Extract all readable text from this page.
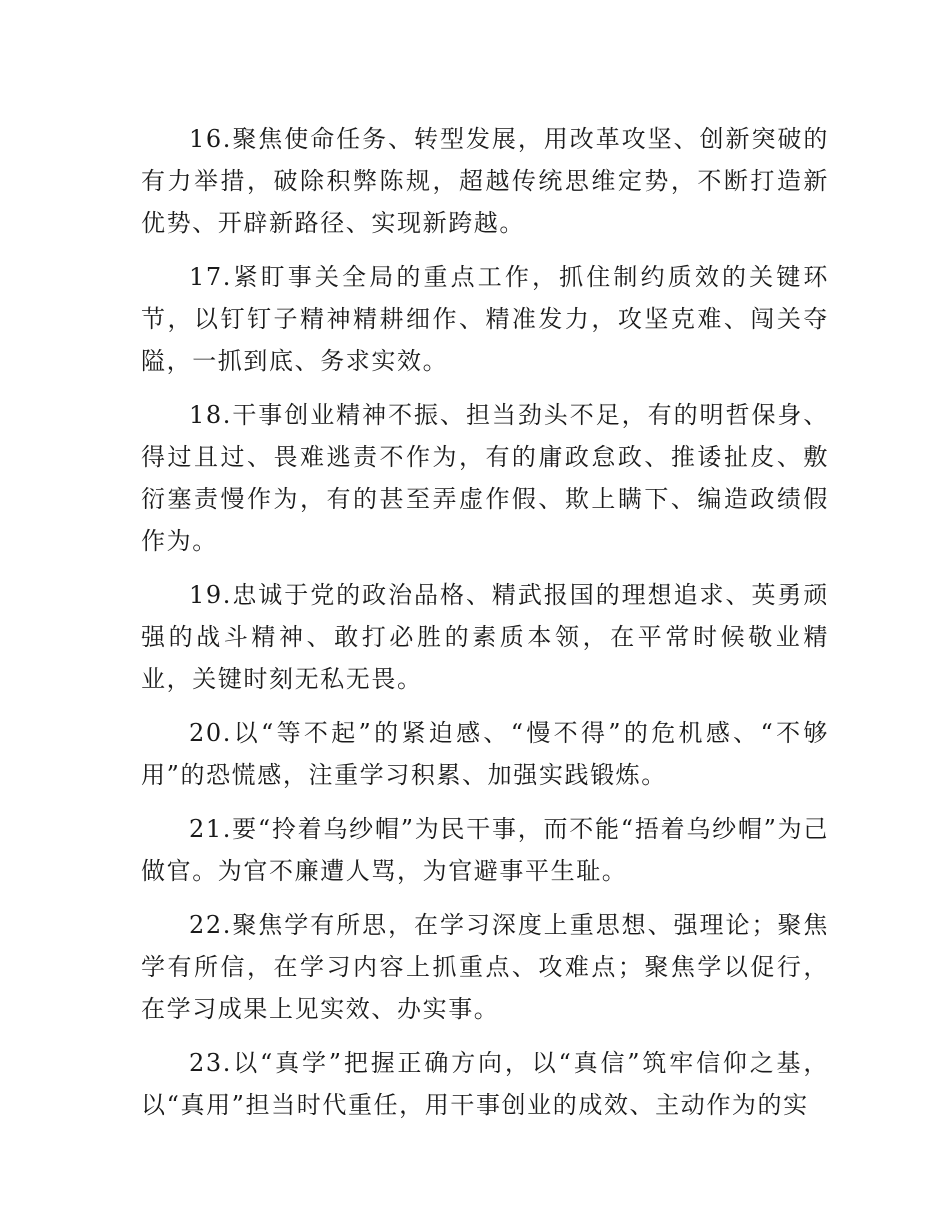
16.聚焦使命任务、转型发展，用改革攻坚、创新突破的有力举措，破除积弊陈规，超越传统思维定势，不断打造新优势、开辟新路径、实现新跨越。

17.紧盯事关全局的重点工作，抓住制约质效的关键环节，以钉钉子精神精耕细作、精准发力，攻坚克难、闯关夺隘，一抓到底、务求实效。

18.干事创业精神不振、担当劲头不足，有的明哲保身、得过且过、畏难逃责不作为，有的庸政怠政、推诿扯皮、敷衍塞责慢作为，有的甚至弄虚作假、欺上瞒下、编造政绩假作为。

19.忠诚于党的政治品格、精武报国的理想追求、英勇顽强的战斗精神、敢打必胜的素质本领，在平常时候敬业精业，关键时刻无私无畏。

20.以“等不起”的紧迫感、“慢不得”的危机感、“不够用”的恐慌感，注重学习积累、加强实践锻炼。

21.要“拎着乌纱帽”为民干事，而不能“捂着乌纱帽”为己做官。为官不廉遭人骂，为官避事平生耻。

22.聚焦学有所思，在学习深度上重思想、强理论；聚焦学有所信，在学习内容上抓重点、攻难点；聚焦学以促行，在学习成果上见实效、办实事。

23.以“真学”把握正确方向，以“真信”筑牢信仰之基，以“真用”担当时代重任，用干事创业的成效、主动作为的实
